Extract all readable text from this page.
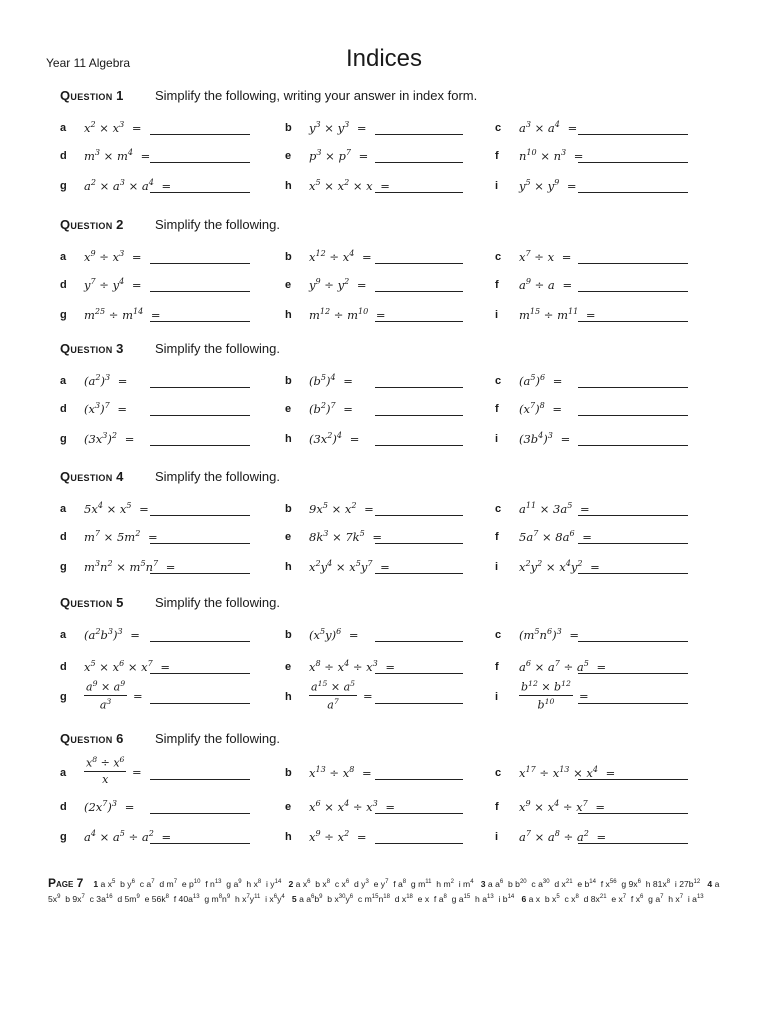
Year 11 Algebra	Indices
Question 1 Simplify the following, writing your answer in index form.
a $x^2 \times x^3$ =	b $y^3 \times y^3$ =	c $a^3 \times a^4$ =
d $m^3 \times m^4$ =	e $p^3 \times p^7$ =	f $n^{10} \times n^3$ =
g $a^2 \times a^3 \times a^4$ =	h $x^5 \times x^2 \times x$ =	i $y^5 \times y^9$ =
Question 2 Simplify the following.
a $x^9 \div x^3$ =	b $x^{12} \div x^4$ =	c $x^7 \div x$ =
d $y^7 \div y^4$ =	e $y^9 \div y^2$ =	f $a^9 \div a$ =
g $m^{25} \div m^{14}$ =	h $m^{12} \div m^{10}$ =	i $m^{15} \div m^{11}$ =
Question 3 Simplify the following.
a $(a^2)^3$ =	b $(b^5)^4$ =	c $(a^5)^6$ =
d $(x^3)^7$ =	e $(b^2)^7$ =	f $(x^7)^8$ =
g $(3x^3)^2$ =	h $(3x^2)^4$ =	i $(3b^4)^3$ =
Question 4 Simplify the following.
a $5x^4 \times x^5$ =	b $9x^5 \times x^2$ =	c $a^{11} \times 3a^5$ =
d $m^7 \times 5m^2$ =	e $8k^3 \times 7k^5$ =	f $5a^7 \times 8a^6$ =
g $m^3n^2 \times m^5n^7$ =	h $x^2y^4 \times x^5y^7$ =	i $x^2y^2 \times x^4y^2$ =
Question 5 Simplify the following.
a $(a^2b^3)^3$ =	b $(x^5y)^6$ =	c $(m^5n^6)^3$ =
d $x^5 \times x^6 \times x^7$ =	e $x^8 \div x^4 \div x^3$ =	f $a^6 \times a^7 \div a^5$ =
g $\frac{a^9 \times a^9}{a^3}$ =	h $\frac{a^{15} \times a^5}{a^7}$ =	i $\frac{b^{12} \times b^{12}}{b^{10}}$ =
Question 6 Simplify the following.
a $\frac{x^8 \div x^6}{x}$ =	b $x^{13} \div x^8$ =	c $x^{17} \div x^{13} \times x^4$ =
d $(2x^7)^3$ =	e $x^6 \times x^4 \div x^3$ =	f $x^9 \times x^4 \div x^7$ =
g $a^4 \times a^5 \div a^2$ =	h $x^9 \div x^2$ =	i $a^7 \times a^8 \div a^2$ =
Page 7 1 a $x^5$  b $y^6$  c $a^7$  d $m^7$  e $p^{10}$  f $n^{13}$  g $a^9$  h $x^8$  i $y^{14}$ 2 a $x^6$  b $x^8$  c $x^6$  d $y^3$  e $y^7$  f $a^8$  g $m^{11}$  h $m^2$  i $m^4$ 3 a $a^6$  b $b^{20}$  c $a^{30}$  d $x^{21}$  e $b^{14}$  f $x^{56}$  g $9x^6$  h $81x^8$  i $27b^{12}$ 4 a $5x^9$  b $9x^7$  c $3a^{16}$  d $5m^9$  e $56k^8$  f $40a^{13}$  g $m^8n^9$  h $x^7y^{11}$  i $x^6y^4$ 5 a $a^6b^9$  b $x^{30}y^6$  c $m^{15}n^{18}$  d $x^{18}$  e x  f $a^8$  g $a^{15}$  h $a^{13}$  i $b^{14}$ 6 a x  b $x^5$  c $x^8$  d $8x^{21}$  e $x^7$  f $x^6$  g $a^7$  h $x^7$  i $a^{13}$
